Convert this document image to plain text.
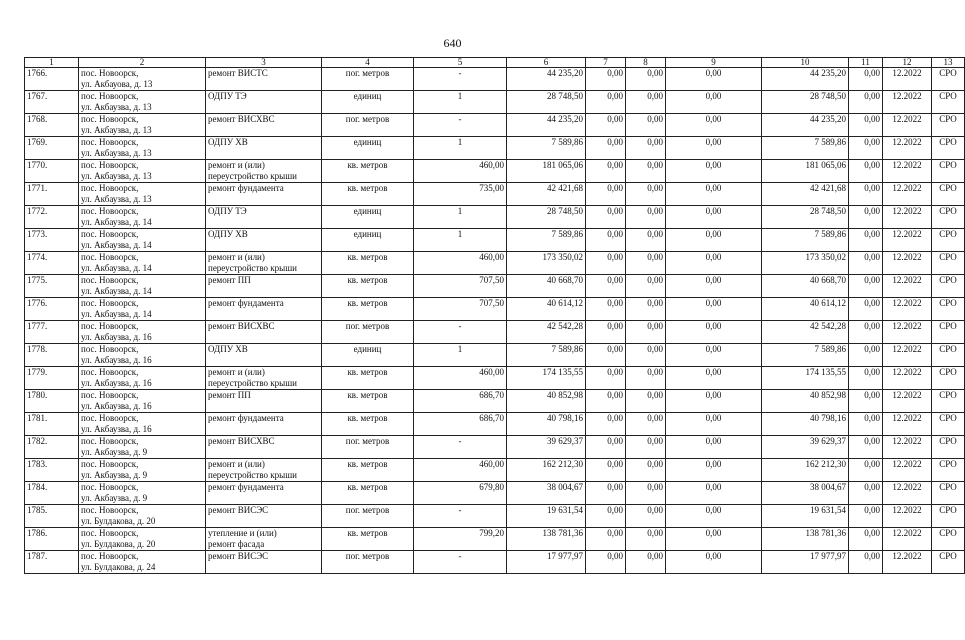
640
1	2	3	4	5	6	7	8	9	10	11	12	13
1766.	пос. Новоорск,
ул. Акбауова, д. 13	ремонт ВИСТС	пог. метров	-	44 235,20	0,00	0,00	0,00	44 235,20	0,00	12.2022	СРО
1767.	пос. Новоорск,
ул. Акбаузва, д. 13	ОДПУ ТЭ	единиц	1	28 748,50	0,00	0,00	0,00	28 748,50	0,00	12.2022	СРО
1768.	пос. Новоорск,
ул. Акбаузва, д. 13	ремонт ВИСХВС	пог. метров	-	44 235,20	0,00	0,00	0,00	44 235,20	0,00	12.2022	СРО
1769.	пос. Новоорск,
ул. Акбаузва, д. 13	ОДПУ ХВ	единиц	1	7 589,86	0,00	0,00	0,00	7 589,86	0,00	12.2022	СРО
1770.	пос. Новоорск,
ул. Акбаузва, д. 13	ремонт и (или)
переустройство крыши	кв. метров	460,00	181 065,06	0,00	0,00	0,00	181 065,06	0,00	12.2022	СРО
1771.	пос. Новоорск,
ул. Акбаузва, д. 13	ремонт фундамента	кв. метров	735,00	42 421,68	0,00	0,00	0,00	42 421,68	0,00	12.2022	СРО
1772.	пос. Новоорск,
ул. Акбаузва, д. 14	ОДПУ ТЭ	единиц	1	28 748,50	0,00	0,00	0,00	28 748,50	0,00	12.2022	СРО
1773.	пос. Новоорск,
ул. Акбаузва, д. 14	ОДПУ ХВ	единиц	1	7 589,86	0,00	0,00	0,00	7 589,86	0,00	12.2022	СРО
1774.	пос. Новоорск,
ул. Акбаузва, д. 14	ремонт и (или)
переустройство крыши	кв. метров	460,00	173 350,02	0,00	0,00	0,00	173 350,02	0,00	12.2022	СРО
1775.	пос. Новоорск,
ул. Акбаузва, д. 14	ремонт ПП	кв. метров	707,50	40 668,70	0,00	0,00	0,00	40 668,70	0,00	12.2022	СРО
1776.	пос. Новоорск,
ул. Акбаузва, д. 14	ремонт фундамента	кв. метров	707,50	40 614,12	0,00	0,00	0,00	40 614,12	0,00	12.2022	СРО
1777.	пос. Новоорск,
ул. Акбаузва, д. 16	ремонт ВИСХВС	пог. метров	-	42 542,28	0,00	0,00	0,00	42 542,28	0,00	12.2022	СРО
1778.	пос. Новоорск,
ул. Акбаузва, д. 16	ОДПУ ХВ	единиц	1	7 589,86	0,00	0,00	0,00	7 589,86	0,00	12.2022	СРО
1779.	пос. Новоорск,
ул. Акбаузва, д. 16	ремонт и (или)
переустройство крыши	кв. метров	460,00	174 135,55	0,00	0,00	0,00	174 135,55	0,00	12.2022	СРО
1780.	пос. Новоорск,
ул. Акбаузва, д. 16	ремонт ПП	кв. метров	686,70	40 852,98	0,00	0,00	0,00	40 852,98	0,00	12.2022	СРО
1781.	пос. Новоорск,
ул. Акбаузва, д. 16	ремонт фундамента	кв. метров	686,70	40 798,16	0,00	0,00	0,00	40 798,16	0,00	12.2022	СРО
1782.	пос. Новоорск,
ул. Акбаузва, д. 9	ремонт ВИСХВС	пог. метров	-	39 629,37	0,00	0,00	0,00	39 629,37	0,00	12.2022	СРО
1783.	пос. Новоорск,
ул. Акбаузва, д. 9	ремонт и (или)
переустройство крыши	кв. метров	460,00	162 212,30	0,00	0,00	0,00	162 212,30	0,00	12.2022	СРО
1784.	пос. Новоорск,
ул. Акбаузва, д. 9	ремонт фундамента	кв. метров	679,80	38 004,67	0,00	0,00	0,00	38 004,67	0,00	12.2022	СРО
1785.	пос. Новоорск,
ул. Булдакова, д. 20	ремонт ВИСЭС	пог. метров	-	19 631,54	0,00	0,00	0,00	19 631,54	0,00	12.2022	СРО
1786.	пос. Новоорск,
ул. Булдакова, д. 20	утепление и (или)
ремонт фасада	кв. метров	799,20	138 781,36	0,00	0,00	0,00	138 781,36	0,00	12.2022	СРО
1787.	пос. Новоорск,
ул. Булдакова, д. 24	ремонт ВИСЭС	пог. метров	-	17 977,97	0,00	0,00	0,00	17 977,97	0,00	12.2022	СРО
